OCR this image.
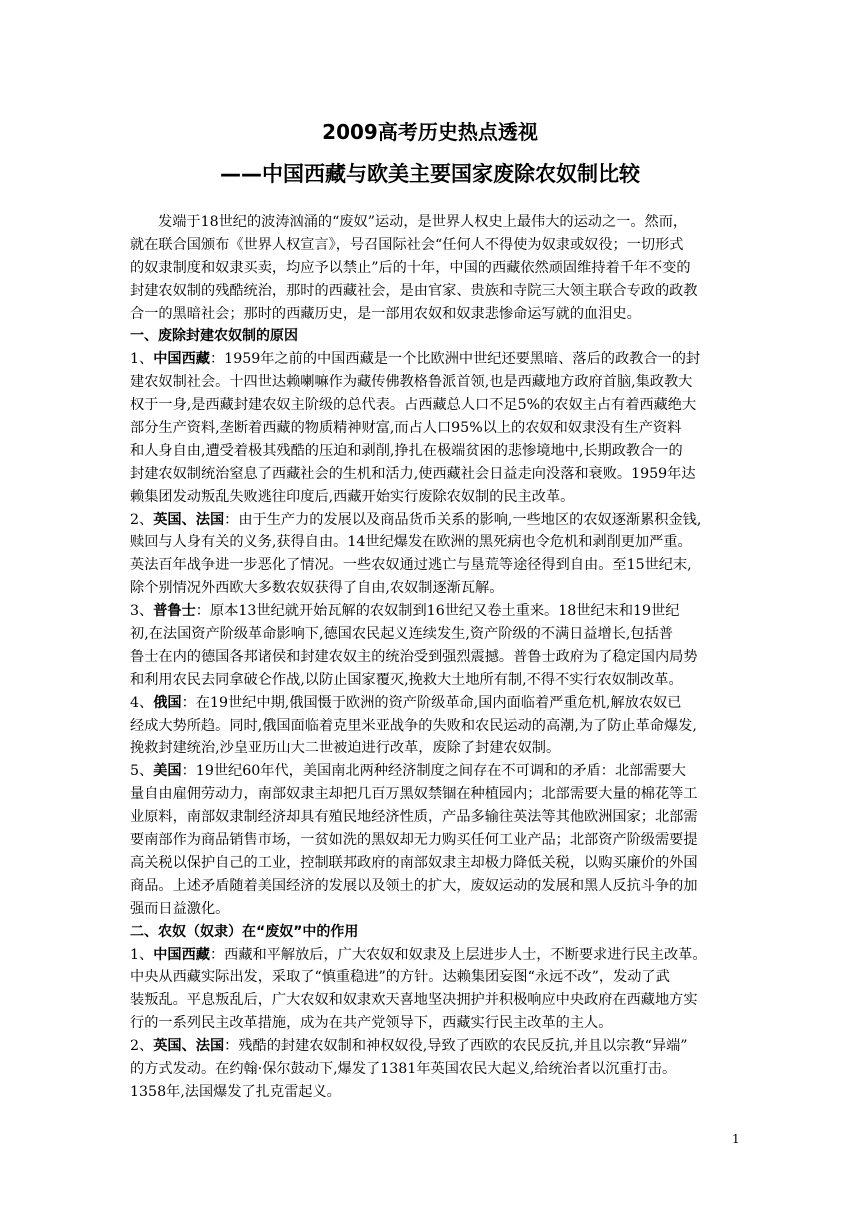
2009高考历史热点透视
——中国西藏与欧美主要国家废除农奴制比较
发端于18世纪的波涛汹涌的“废奴”运动，是世界人权史上最伟大的运动之一。然而，
就在联合国颁布《世界人权宣言》，号召国际社会“任何人不得使为奴隶或奴役；一切形式
的奴隶制度和奴隶买卖，均应予以禁止”后的十年，中国的西藏依然顽固维持着千年不变的
封建农奴制的残酷统治，那时的西藏社会，是由官家、贵族和寺院三大领主联合专政的政教
合一的黑暗社会；那时的西藏历史，是一部用农奴和奴隶悲惨命运写就的血泪史。
一、废除封建农奴制的原因
1、中国西藏：1959年之前的中国西藏是一个比欧洲中世纪还要黑暗、落后的政教合一的封
建农奴制社会。十四世达赖喇嘛作为藏传佛教格鲁派首领,也是西藏地方政府首脑,集政教大
权于一身,是西藏封建农奴主阶级的总代表。占西藏总人口不足5%的农奴主占有着西藏绝大
部分生产资料,垄断着西藏的物质精神财富,而占人口95%以上的农奴和奴隶没有生产资料
和人身自由,遭受着极其残酷的压迫和剥削,挣扎在极端贫困的悲惨境地中,长期政教合一的
封建农奴制统治窒息了西藏社会的生机和活力,使西藏社会日益走向没落和衰败。1959年达
赖集团发动叛乱失败逃往印度后,西藏开始实行废除农奴制的民主改革。
2、英国、法国：由于生产力的发展以及商品货币关系的影响,一些地区的农奴逐渐累积金钱,
赎回与人身有关的义务,获得自由。14世纪爆发在欧洲的黑死病也令危机和剥削更加严重。
英法百年战争进一步恶化了情况。一些农奴通过逃亡与垦荒等途径得到自由。至15世纪末,
除个别情况外西欧大多数农奴获得了自由,农奴制逐渐瓦解。
3、普鲁士：原本13世纪就开始瓦解的农奴制到16世纪又卷土重来。18世纪末和19世纪
初,在法国资产阶级革命影响下,德国农民起义连续发生,资产阶级的不满日益增长,包括普
鲁士在内的德国各邦诸侯和封建农奴主的统治受到强烈震撼。普鲁士政府为了稳定国内局势
和利用农民去同拿破仑作战,以防止国家覆灭,挽救大土地所有制,不得不实行农奴制改革。
4、俄国：在19世纪中期,俄国慑于欧洲的资产阶级革命,国内面临着严重危机,解放农奴已
经成大势所趋。同时,俄国面临着克里米亚战争的失败和农民运动的高潮,为了防止革命爆发,
挽救封建统治,沙皇亚历山大二世被迫进行改革，废除了封建农奴制。
5、美国：19世纪60年代，美国南北两种经济制度之间存在不可调和的矛盾：北部需要大
量自由雇佣劳动力，南部奴隶主却把几百万黑奴禁锢在种植园内；北部需要大量的棉花等工
业原料，南部奴隶制经济却具有殖民地经济性质，产品多输往英法等其他欧洲国家；北部需
要南部作为商品销售市场，一贫如洗的黑奴却无力购买任何工业产品；北部资产阶级需要提
高关税以保护自己的工业，控制联邦政府的南部奴隶主却极力降低关税，以购买廉价的外国
商品。上述矛盾随着美国经济的发展以及领土的扩大，废奴运动的发展和黑人反抗斗争的加
强而日益激化。
二、农奴（奴隶）在“废奴”中的作用
1、中国西藏：西藏和平解放后，广大农奴和奴隶及上层进步人士，不断要求进行民主改革。
中央从西藏实际出发，采取了“慎重稳进”的方针。达赖集团妄图“永远不改”，发动了武
装叛乱。平息叛乱后，广大农奴和奴隶欢天喜地坚决拥护并积极响应中央政府在西藏地方实
行的一系列民主改革措施，成为在共产党领导下，西藏实行民主改革的主人。
2、英国、法国：残酷的封建农奴制和神权奴役,导致了西欧的农民反抗,并且以宗教“异端”
的方式发动。在约翰·保尔鼓动下,爆发了1381年英国农民大起义,给统治者以沉重打击。
1358年,法国爆发了扎克雷起义。
1
